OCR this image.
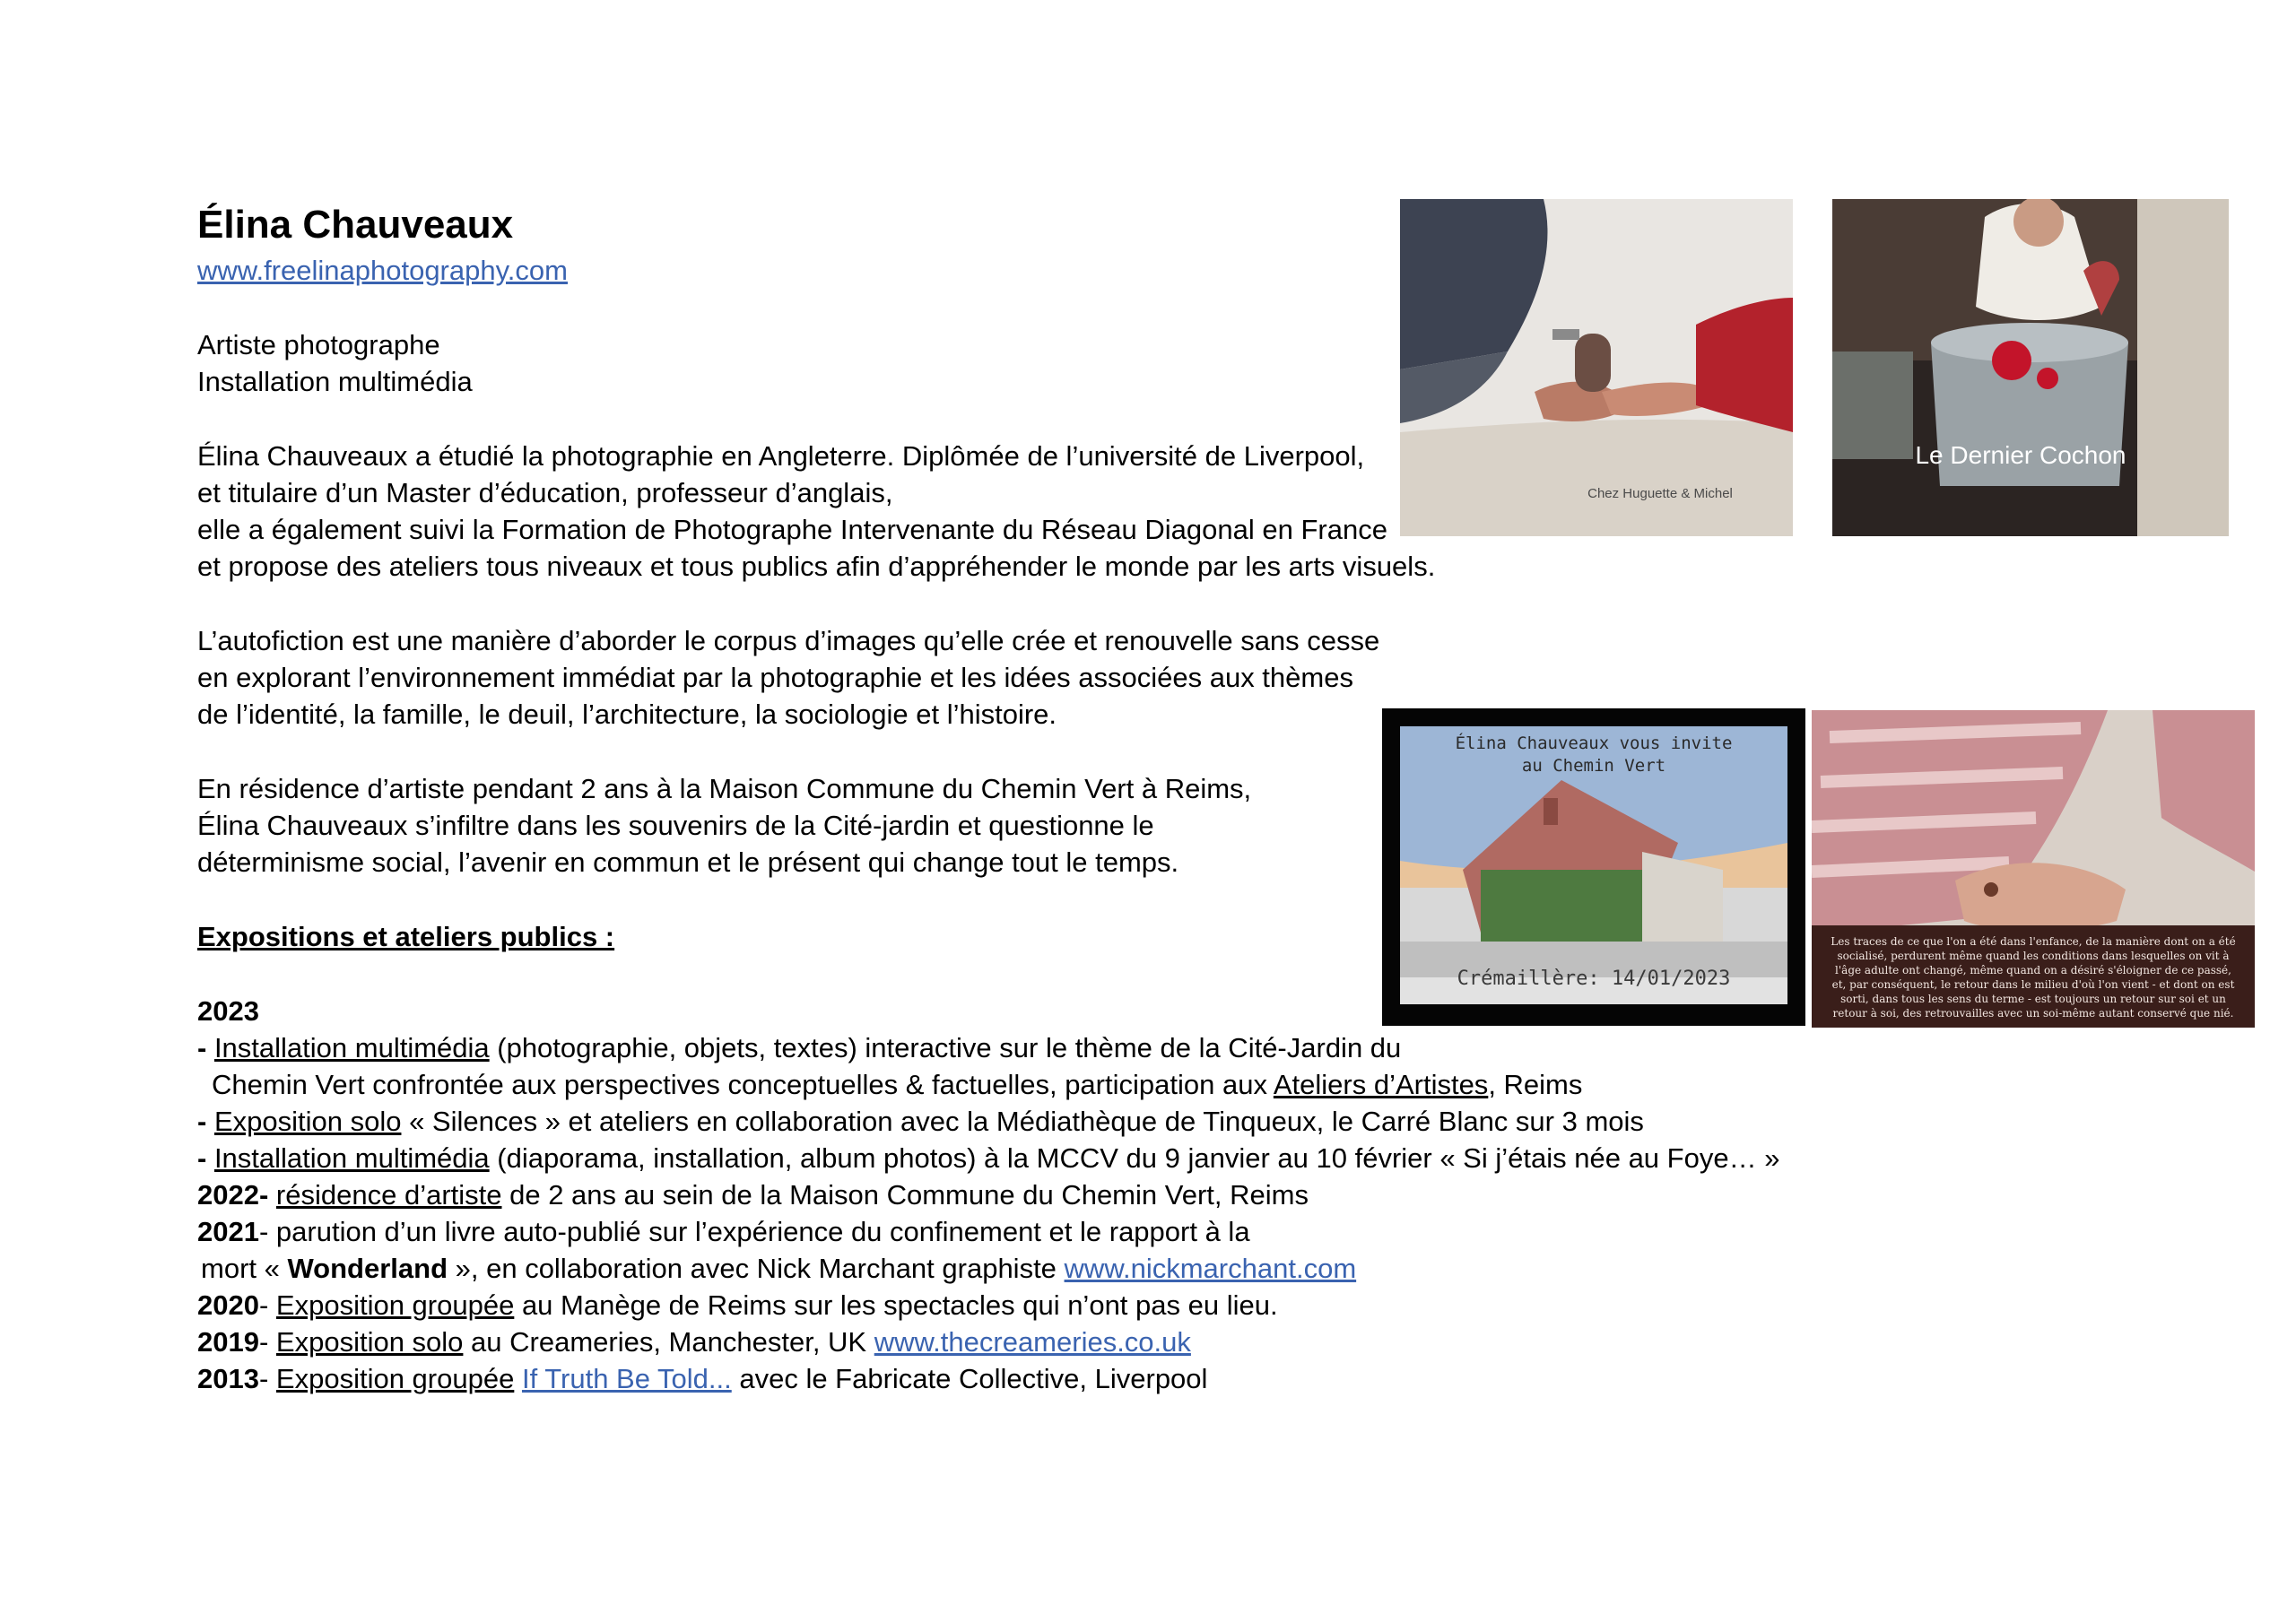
Élina Chauveaux
www.freelinaphotography.com
Artiste photographe
Installation multimédia
Élina Chauveaux a étudié la photographie en Angleterre. Diplômée de l’université de Liverpool,
et titulaire d’un Master d’éducation, professeur d’anglais,
elle a également suivi la Formation de Photographe Intervenante du Réseau Diagonal en France
et propose des ateliers tous niveaux et tous publics afin d’appréhender le monde par les arts visuels.
L’autofiction est une manière d’aborder le corpus d’images qu’elle crée et renouvelle sans cesse
en explorant l’environnement immédiat par la photographie et les idées associées aux thèmes
de l’identité, la famille, le deuil, l’architecture, la sociologie et l’histoire.
En résidence d’artiste pendant 2 ans à la Maison Commune du Chemin Vert à Reims,
Élina Chauveaux s’infiltre dans les souvenirs de la Cité-jardin et questionne le
déterminisme social, l’avenir en commun et le présent qui change tout le temps.
Expositions et ateliers publics :
2023
- Installation multimédia (photographie, objets, textes) interactive sur le thème de la Cité-Jardin du
Chemin Vert confrontée aux perspectives conceptuelles & factuelles, participation aux Ateliers d’Artistes, Reims
- Exposition solo « Silences » et ateliers en collaboration avec la Médiathèque de Tinqueux, le Carré Blanc sur 3 mois
- Installation multimédia (diaporama, installation, album photos) à la MCCV du 9 janvier au 10 février « Si j’étais née au Foye… »
2022- résidence d’artiste de 2 ans au sein de la Maison Commune du Chemin Vert, Reims
2021- parution d’un livre auto-publié sur l’expérience du confinement et le rapport à la
mort « Wonderland », en collaboration avec Nick Marchant graphiste www.nickmarchant.com
2020- Exposition groupée au Manège de Reims sur les spectacles qui n’ont pas eu lieu.
2019- Exposition solo au Creameries, Manchester, UK www.thecreameries.co.uk
2013- Exposition groupée If Truth Be Told... avec le Fabricate Collective, Liverpool
Chez Huguette & Michel
Le Dernier Cochon
Élina Chauveaux vous invite
au Chemin Vert
Crémaillère: 14/01/2023
Les traces de ce que l'on a été dans l'enfance, de la manière dont on a été
socialisé, perdurent même quand les conditions dans lesquelles on vit à
l'âge adulte ont changé, même quand on a désiré s'éloigner de ce passé,
et, par conséquent, le retour dans le milieu d'où l'on vient - et dont on est
sorti, dans tous les sens du terme - est toujours un retour sur soi et un
retour à soi, des retrouvailles avec un soi-même autant conservé que nié.
